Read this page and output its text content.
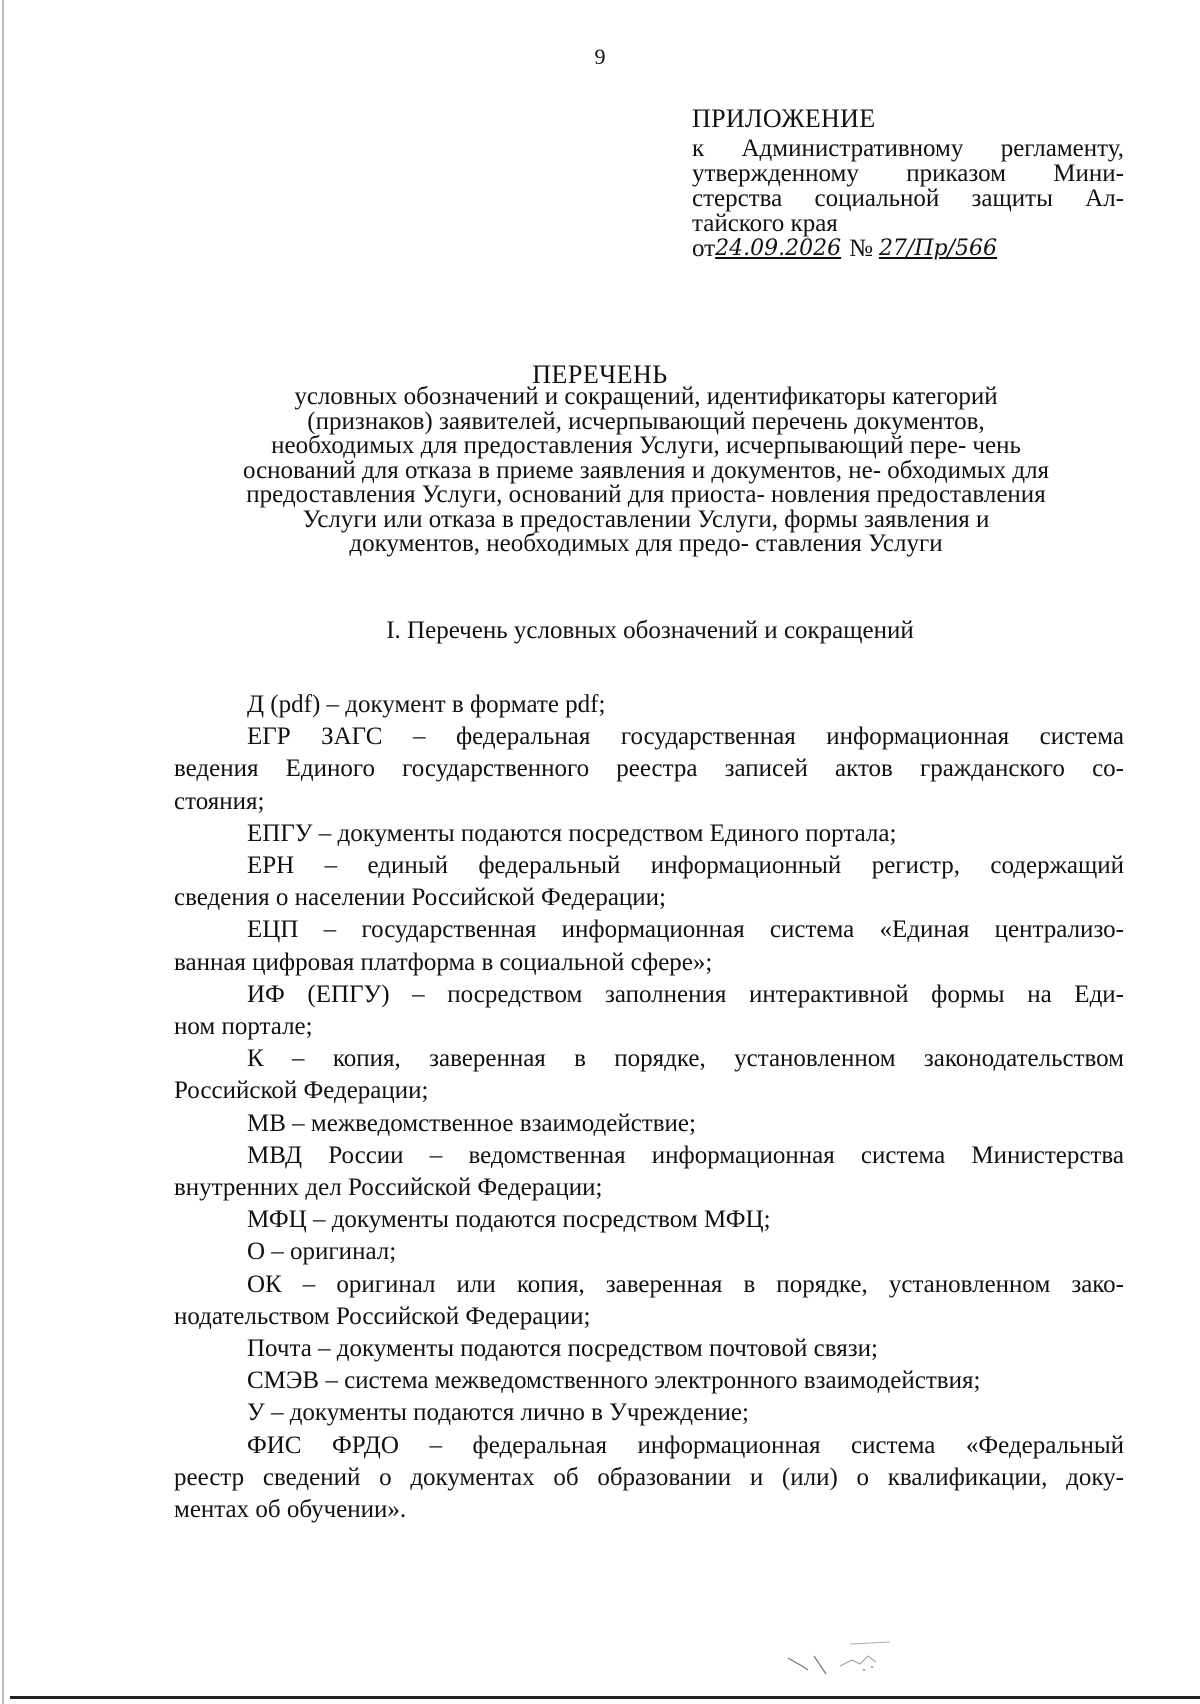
9
ПРИЛОЖЕНИЕ
к Административному регламенту,
утвержденному приказом Мини-
стерства социальной защиты Ал-
тайского края
от 24.09.2026 № 27/Пр/566
ПЕРЕЧЕНЬ
условных обозначений и сокращений, идентификаторы категорий (признаков) заявителей, исчерпывающий перечень документов, необходимых для предоставления Услуги, исчерпывающий пере- чень оснований для отказа в приеме заявления и документов, не- обходимых для предоставления Услуги, оснований для приоста- новления предоставления Услуги или отказа в предоставлении Услуги, формы заявления и документов, необходимых для предо- ставления Услуги
I. Перечень условных обозначений и сокращений
Д (pdf) – документ в формате pdf;
ЕГР ЗАГС – федеральная государственная информационная система
ведения Единого государственного реестра записей актов гражданского со-
стояния;
ЕПГУ – документы подаются посредством Единого портала;
ЕРН – единый федеральный информационный регистр, содержащий
сведения о населении Российской Федерации;
ЕЦП – государственная информационная система «Единая централизо-
ванная цифровая платформа в социальной сфере»;
ИФ (ЕПГУ) – посредством заполнения интерактивной формы на Еди-
ном портале;
К – копия, заверенная в порядке, установленном законодательством
Российской Федерации;
МВ – межведомственное взаимодействие;
МВД России – ведомственная информационная система Министерства
внутренних дел Российской Федерации;
МФЦ – документы подаются посредством МФЦ;
О – оригинал;
ОК – оригинал или копия, заверенная в порядке, установленном зако-
нодательством Российской Федерации;
Почта – документы подаются посредством почтовой связи;
СМЭВ – система межведомственного электронного взаимодействия;
У – документы подаются лично в Учреждение;
ФИС ФРДО – федеральная информационная система «Федеральный
реестр сведений о документах об образовании и (или) о квалификации, доку-
ментах об обучении».
